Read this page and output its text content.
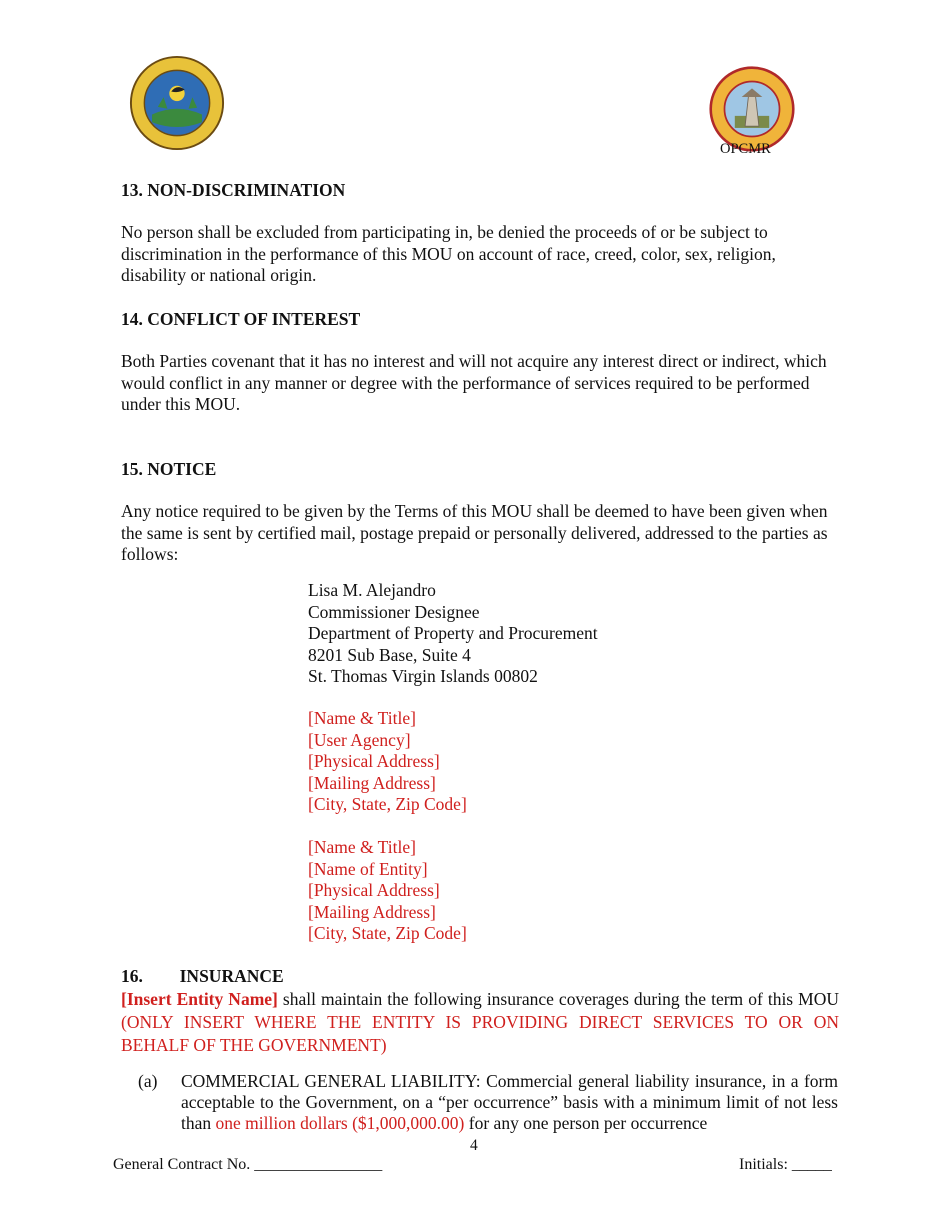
OPCMR
13. NON-DISCRIMINATION
No person shall be excluded from participating in, be denied the proceeds of or be subject to discrimination in the performance of this MOU on account of race, creed, color, sex, religion, disability or national origin.
14. CONFLICT OF INTEREST
Both Parties covenant that it has no interest and will not acquire any interest direct or indirect, which would conflict in any manner or degree with the performance of services required to be performed under this MOU.
15. NOTICE
Any notice required to be given by the Terms of this MOU shall be deemed to have been given when the same is sent by certified mail, postage prepaid or personally delivered, addressed to the parties as follows:
Lisa M. Alejandro
Commissioner Designee
Department of Property and Procurement
8201 Sub Base, Suite 4
St. Thomas Virgin Islands 00802
[Name & Title]
[User Agency]
[Physical Address]
[Mailing Address]
[City, State, Zip Code]
[Name & Title]
[Name of Entity]
[Physical Address]
[Mailing Address]
[City, State, Zip Code]
16. INSURANCE
[Insert Entity Name] shall maintain the following insurance coverages during the term of this MOU (ONLY INSERT WHERE THE ENTITY IS PROVIDING DIRECT SERVICES TO OR ON BEHALF OF THE GOVERNMENT)
(a) COMMERCIAL GENERAL LIABILITY: Commercial general liability insurance, in a form acceptable to the Government, on a “per occurrence” basis with a minimum limit of not less than one million dollars ($1,000,000.00) for any one person per occurrence
4
General Contract No. ________________	Initials: _____
